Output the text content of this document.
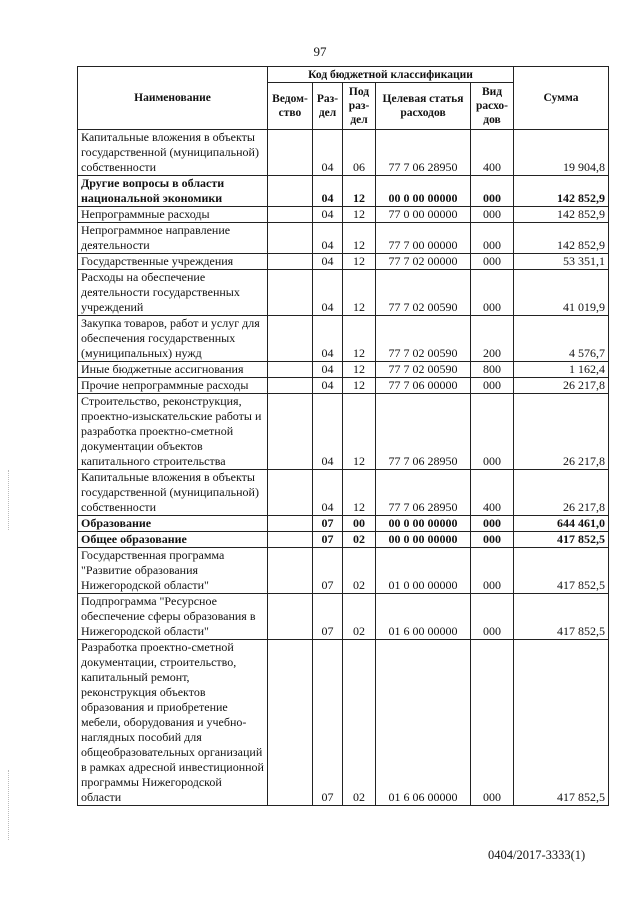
97
Наименование	Код бюджетной классификации					Сумма
	Ведом-ство	Раз-дел	Под раз-дел	Целевая статья расходов	Вид расхо-дов	
Капитальные вложения в объекты государственной (муниципальной) собственности		04	06	77 7 06 28950	400	19 904,8
Другие вопросы в области национальной экономики		04	12	00 0 00 00000	000	142 852,9
Непрограммные расходы		04	12	77 0 00 00000	000	142 852,9
Непрограммное направление деятельности		04	12	77 7 00 00000	000	142 852,9
Государственные учреждения		04	12	77 7 02 00000	000	53 351,1
Расходы на обеспечение деятельности государственных учреждений		04	12	77 7 02 00590	000	41 019,9
Закупка товаров, работ и услуг для обеспечения государственных (муниципальных) нужд		04	12	77 7 02 00590	200	4 576,7
Иные бюджетные ассигнования		04	12	77 7 02 00590	800	1 162,4
Прочие непрограммные расходы		04	12	77 7 06 00000	000	26 217,8
Строительство, реконструкция, проектно-изыскательские работы и разработка проектно-сметной документации объектов капитального строительства		04	12	77 7 06 28950	000	26 217,8
Капитальные вложения в объекты государственной (муниципальной) собственности		04	12	77 7 06 28950	400	26 217,8
Образование		07	00	00 0 00 00000	000	644 461,0
Общее образование		07	02	00 0 00 00000	000	417 852,5
Государственная программа "Развитие образования Нижегородской области"		07	02	01 0 00 00000	000	417 852,5
Подпрограмма "Ресурсное обеспечение сферы образования в Нижегородской области"		07	02	01 6 00 00000	000	417 852,5
Разработка проектно-сметной документации, строительство, капитальный ремонт, реконструкция объектов образования и приобретение мебели, оборудования и учебно-наглядных пособий для общеобразовательных организаций в рамках адресной инвестиционной программы Нижегородской области		07	02	01 6 06 00000	000	417 852,5
0404/2017-3333(1)
